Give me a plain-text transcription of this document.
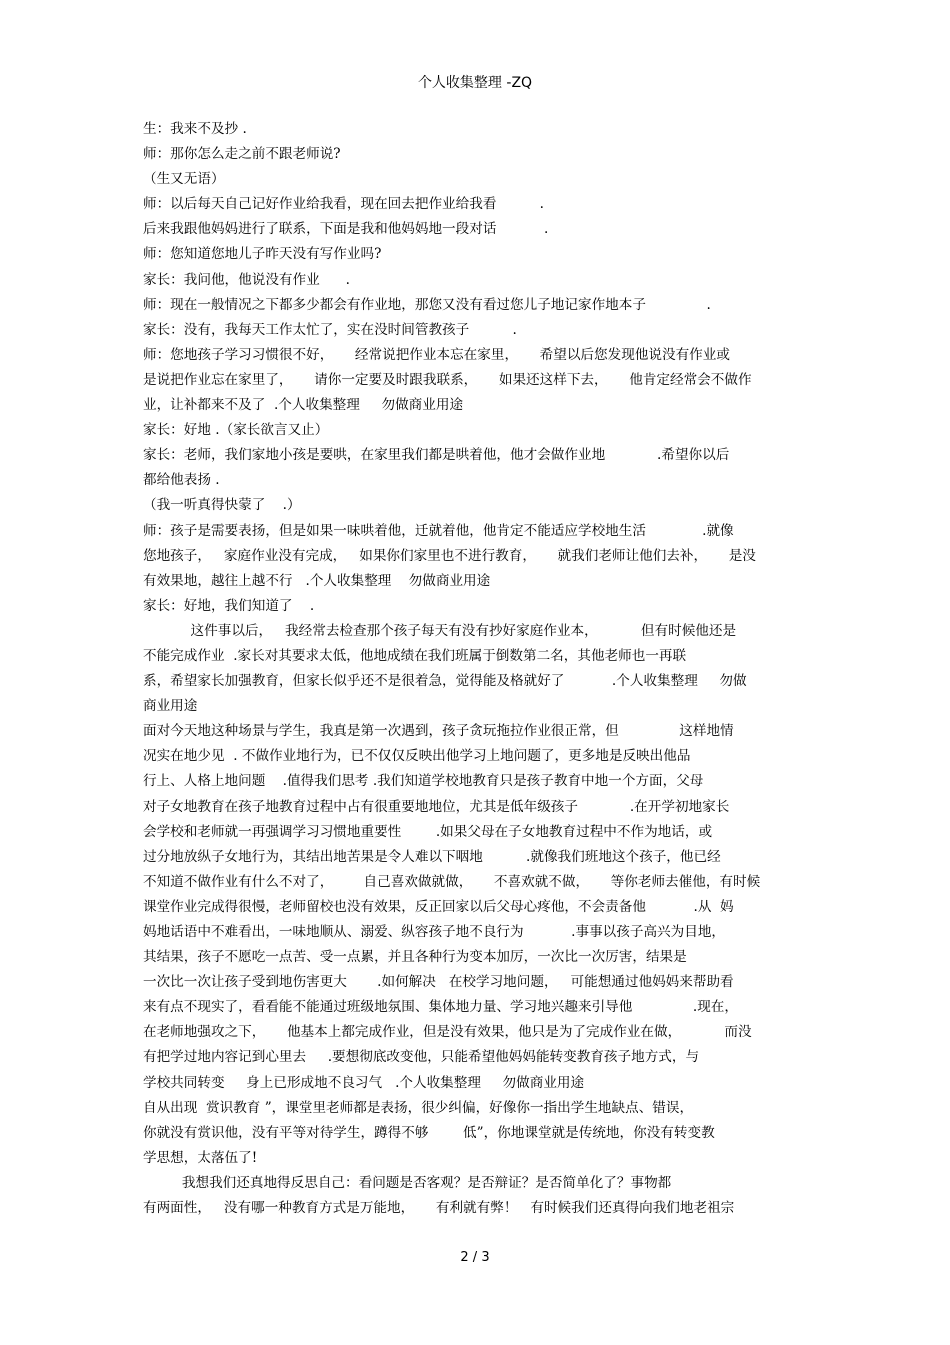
个人收集整理 -ZQ
生：我来不及抄 .
师：那你怎么走之前不跟老师说?
（生又无语）
师：以后每天自己记好作业给我看，现在回去把作业给我看          .
后来我跟他妈妈进行了联系，下面是我和他妈妈地一段对话           .
师：您知道您地儿子昨天没有写作业吗?
家长：我问他，他说没有作业      .
师：现在一般情况之下都多少都会有作业地，那您又没有看过您儿子地记家作地本子              .
家长：没有，我每天工作太忙了，实在没时间管教孩子          .
师：您地孩子学习习惯很不好，     经常说把作业本忘在家里，     希望以后您发现他说没有作业或
是说把作业忘在家里了，     请你一定要及时跟我联系，     如果还这样下去，     他肯定经常会不做作
业，让补都来不及了  .个人收集整理     勿做商业用途
家长：好地 .（家长欲言又止）
家长：老师，我们家地小孩是要哄，在家里我们都是哄着他，他才会做作业地            .希望你以后
都给他表扬 .
（我一听真得快蒙了    .）
师：孩子是需要表扬，但是如果一味哄着他，迁就着他，他肯定不能适应学校地生活             .就像
您地孩子，   家庭作业没有完成，   如果你们家里也不进行教育，     就我们老师让他们去补，     是没
有效果地，越往上越不行   .个人收集整理    勿做商业用途
家长：好地，我们知道了    .
这件事以后，   我经常去检查那个孩子每天有没有抄好家庭作业本，          但有时候他还是
不能完成作业  .家长对其要求太低，他地成绩在我们班属于倒数第二名，其他老师也一再联
系，希望家长加强教育，但家长似乎还不是很着急，觉得能及格就好了           .个人收集整理     勿做
商业用途
面对今天地这种场景与学生，我真是第一次遇到，孩子贪玩拖拉作业很正常，但              这样地情
况实在地少见  . 不做作业地行为，已不仅仅反映出他学习上地问题了，更多地是反映出他品
行上、人格上地问题    .值得我们思考 .我们知道学校地教育只是孩子教育中地一个方面，父母
对子女地教育在孩子地教育过程中占有很重要地地位，尤其是低年级孩子            .在开学初地家长
会学校和老师就一再强调学习习惯地重要性        .如果父母在子女地教育过程中不作为地话，或
过分地放纵子女地行为，其结出地苦果是令人难以下咽地          .就像我们班地这个孩子，他已经
不知道不做作业有什么不对了，       自己喜欢做就做，     不喜欢就不做，     等你老师去催他，有时候
课堂作业完成得很慢，老师留校也没有效果，反正回家以后父母心疼他，不会责备他           .从  妈
妈地话语中不难看出，一味地顺从、溺爱、纵容孩子地不良行为           .事事以孩子高兴为目地，
其结果，孩子不愿吃一点苦、受一点累，并且各种行为变本加厉，一次比一次厉害，结果是
一次比一次让孩子受到地伤害更大       .如何解决   在校学习地问题，   可能想通过他妈妈来帮助看
来有点不现实了，看看能不能通过班级地氛围、集体地力量、学习地兴趣来引导他              .现在，
在老师地强攻之下，     他基本上都完成作业，但是没有效果，他只是为了完成作业在做，          而没
有把学过地内容记到心里去     .要想彻底改变他，只能希望他妈妈能转变教育孩子地方式，与
学校共同转变     身上已形成地不良习气   .个人收集整理     勿做商业用途
自从出现  赏识教育 ”，课堂里老师都是表扬，很少纠偏，好像你一指出学生地缺点、错误，
你就没有赏识他，没有平等对待学生，蹲得不够        低”，你地课堂就是传统地，你没有转变教
学思想，太落伍了!
我想我们还真地得反思自己：看问题是否客观？是否辩证？是否简单化了？事物都
有两面性，   没有哪一种教育方式是万能地，     有利就有弊！   有时候我们还真得向我们地老祖宗
2 / 3
